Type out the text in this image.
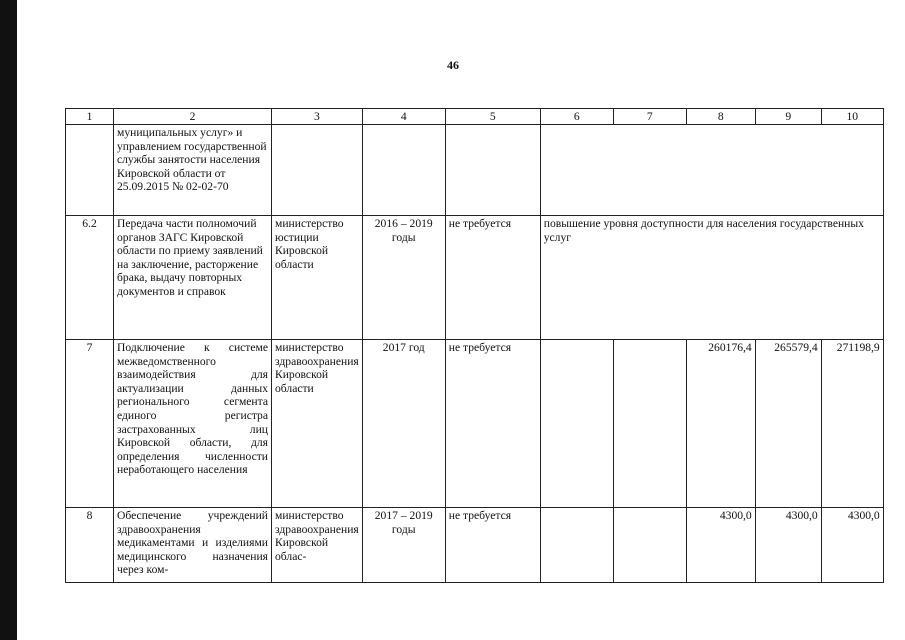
46
1	2	3	4	5	6	7	8	9	10
	муниципальных услуг» и управлением государственной службы занятости населения Кировской области от 25.09.2015 № 02-02-70								
6.2	Передача части полномочий органов ЗАГС Кировской области по приему заявлений на заключение, расторжение брака, выдачу повторных документов и справок	министерство юстиции Кировской области	2016 – 2019 годы	не требуется	повышение уровня доступности для населения государственных услуг				
7	Подключение к системе межведомственного взаимодействия для актуализации данных регионального сегмента единого регистра застрахованных лиц Кировской области, для определения численности неработающего населения	министерство здравоохранения Кировской области	2017 год	не требуется			260176,4	265579,4	271198,9
8	Обеспечение учреждений здравоохранения медикаментами и изделиями медицинского назначения через ком-	министерство здравоохранения Кировской облас-	2017 – 2019 годы	не требуется			4300,0	4300,0	4300,0
